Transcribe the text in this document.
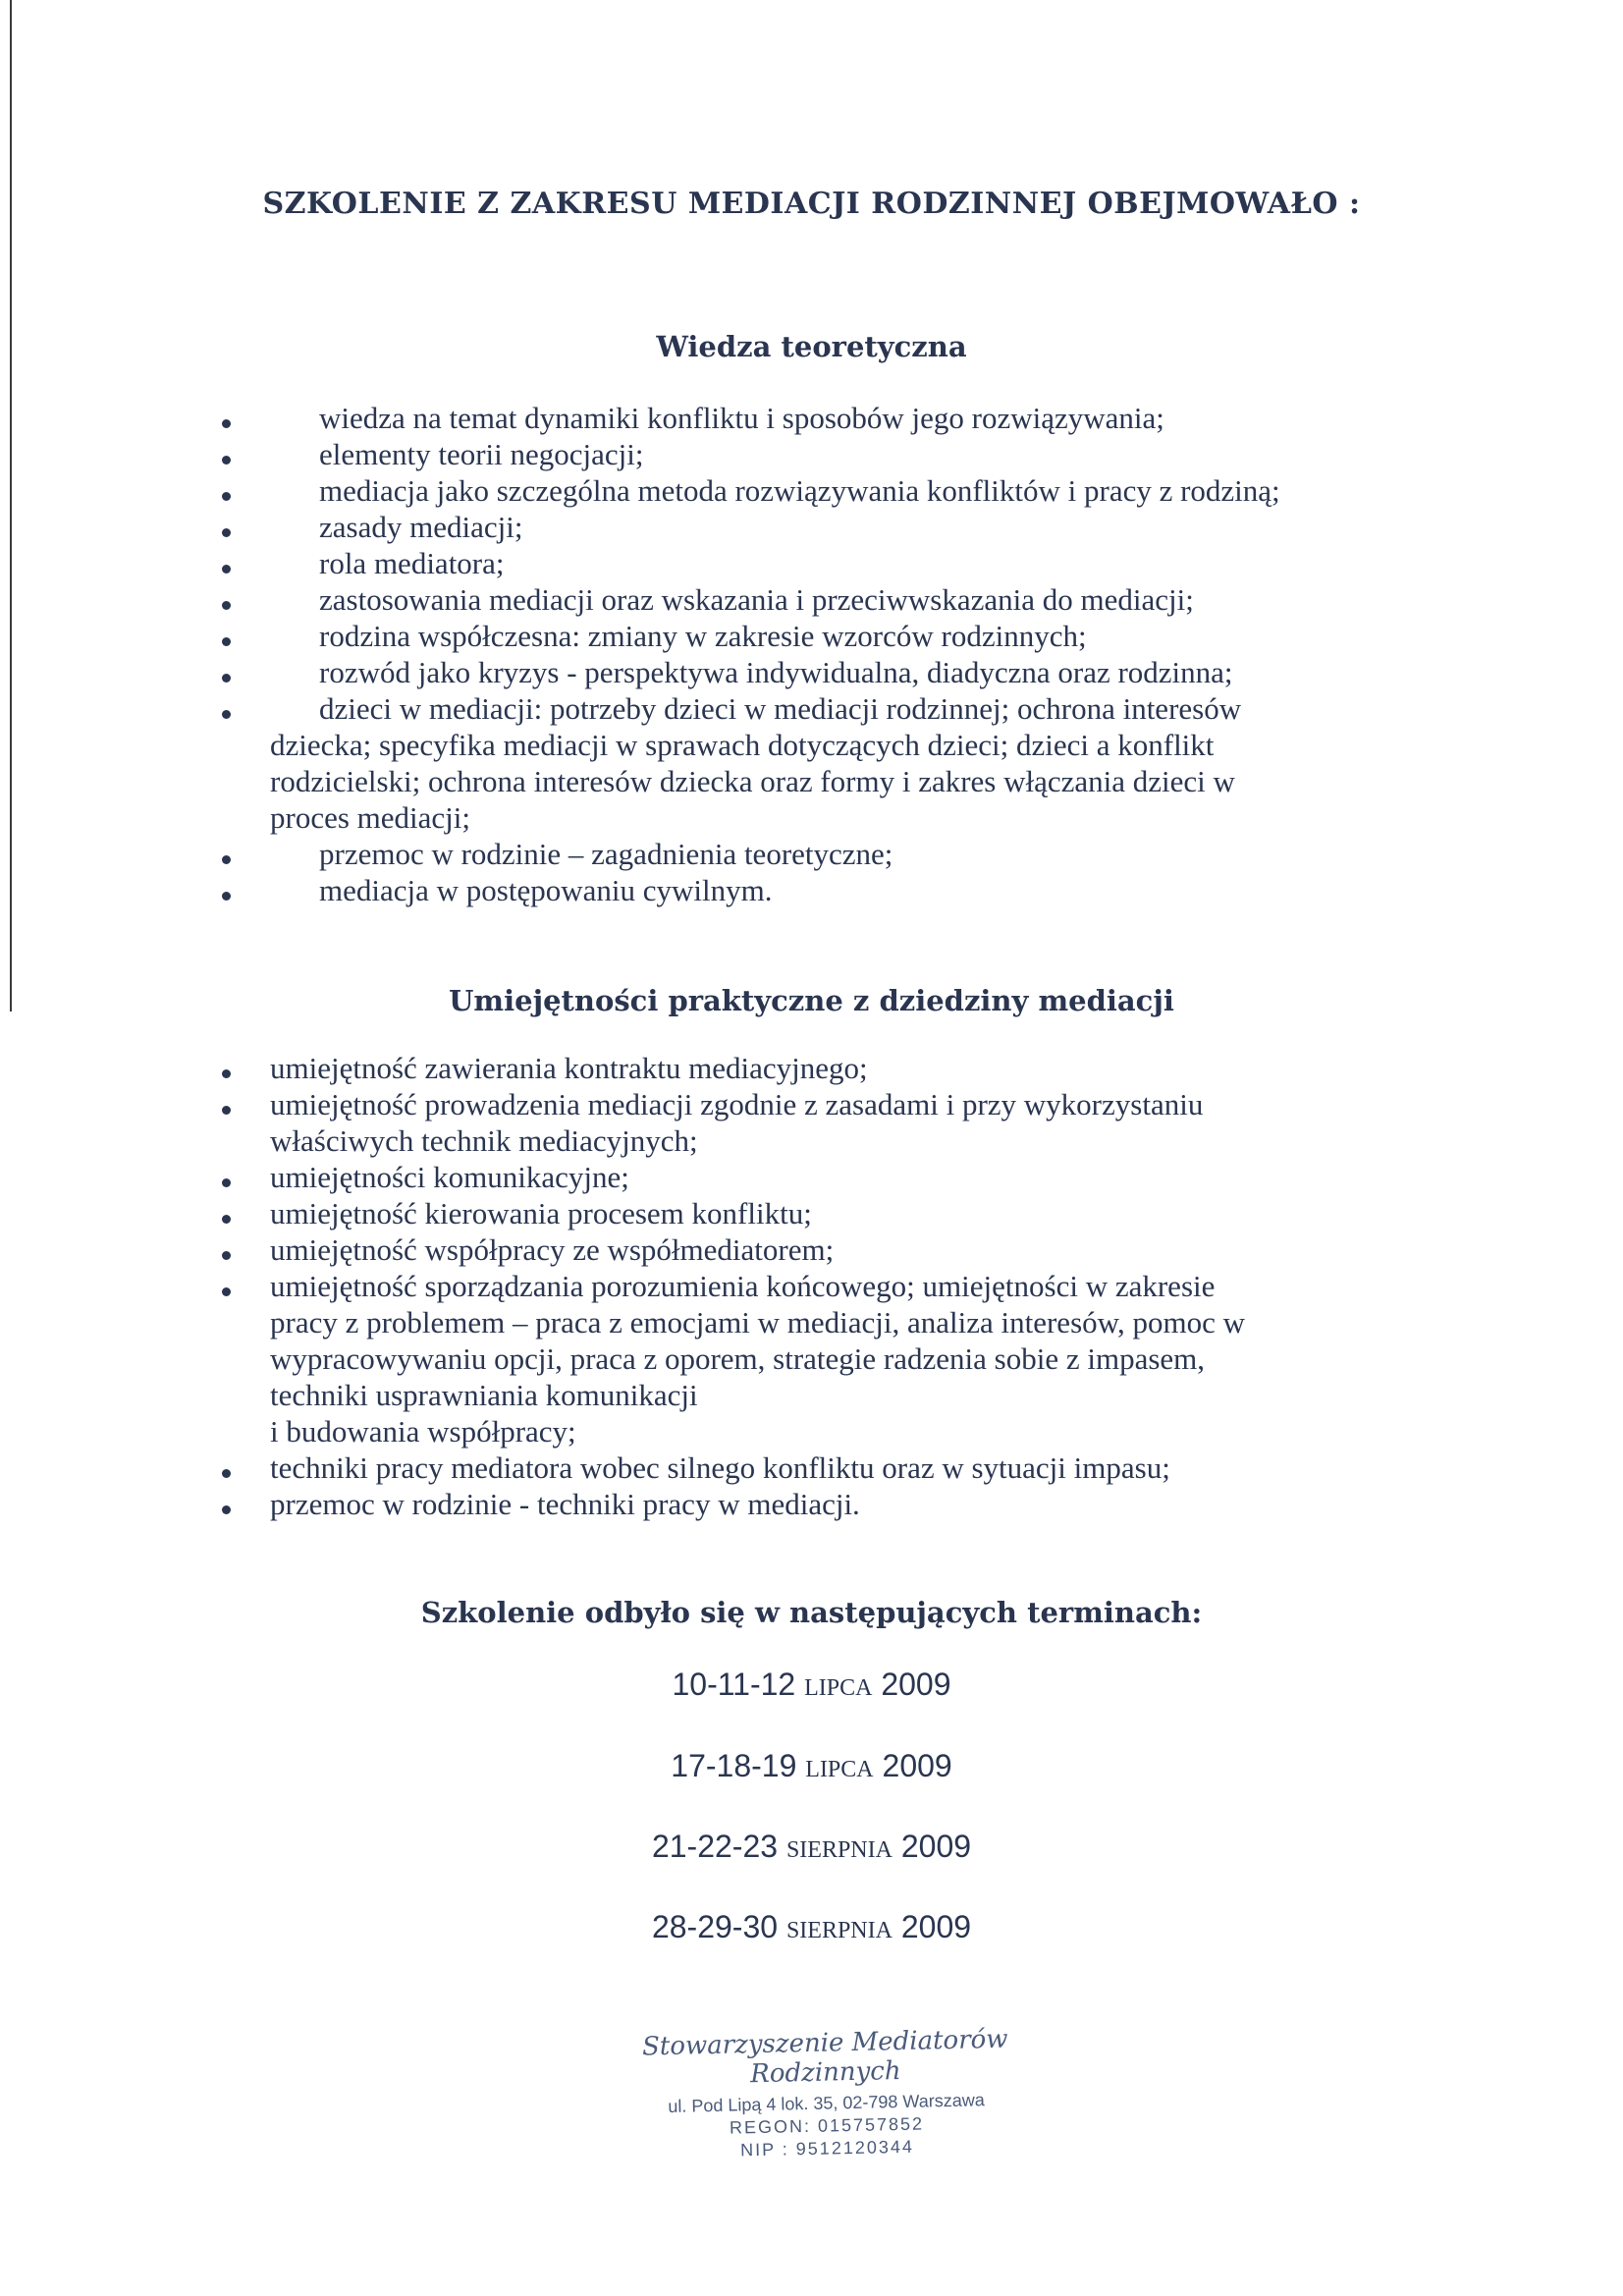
SZKOLENIE Z ZAKRESU MEDIACJI RODZINNEJ OBEJMOWAŁO :
Wiedza teoretyczna
wiedza na temat dynamiki konfliktu i sposobów jego rozwiązywania;
elementy teorii negocjacji;
mediacja jako szczególna metoda rozwiązywania konfliktów i pracy z rodziną;
zasady mediacji;
rola mediatora;
zastosowania mediacji oraz wskazania i przeciwwskazania do mediacji;
rodzina współczesna: zmiany w zakresie wzorców rodzinnych;
rozwód jako kryzys - perspektywa indywidualna, diadyczna oraz rodzinna;
dzieci w mediacji: potrzeby dzieci w mediacji rodzinnej; ochrona interesów
dziecka; specyfika mediacji w sprawach dotyczących dzieci; dzieci a konflikt
rodzicielski; ochrona interesów dziecka oraz formy i zakres włączania dzieci w
proces mediacji;
przemoc w rodzinie – zagadnienia teoretyczne;
mediacja w postępowaniu cywilnym.
Umiejętności praktyczne z dziedziny mediacji
umiejętność zawierania kontraktu mediacyjnego;
umiejętność prowadzenia mediacji zgodnie z zasadami i przy wykorzystaniu
właściwych technik mediacyjnych;
umiejętności komunikacyjne;
umiejętność kierowania procesem konfliktu;
umiejętność współpracy ze współmediatorem;
umiejętność sporządzania porozumienia końcowego; umiejętności w zakresie
pracy z problemem – praca z emocjami w mediacji, analiza interesów, pomoc w
wypracowywaniu opcji, praca z oporem, strategie radzenia sobie z impasem,
techniki usprawniania komunikacji
i budowania współpracy;
techniki pracy mediatora wobec silnego konfliktu oraz w sytuacji impasu;
przemoc w rodzinie - techniki pracy w mediacji.
Szkolenie odbyło się w następujących terminach:
10-11-12 LIPCA 2009
17-18-19 LIPCA 2009
21-22-23 SIERPNIA 2009
28-29-30 SIERPNIA 2009
Stowarzyszenie Mediatorów
Rodzinnych
ul. Pod Lipą 4 lok. 35, 02-798 Warszawa
REGON: 015757852
NIP : 9512120344
